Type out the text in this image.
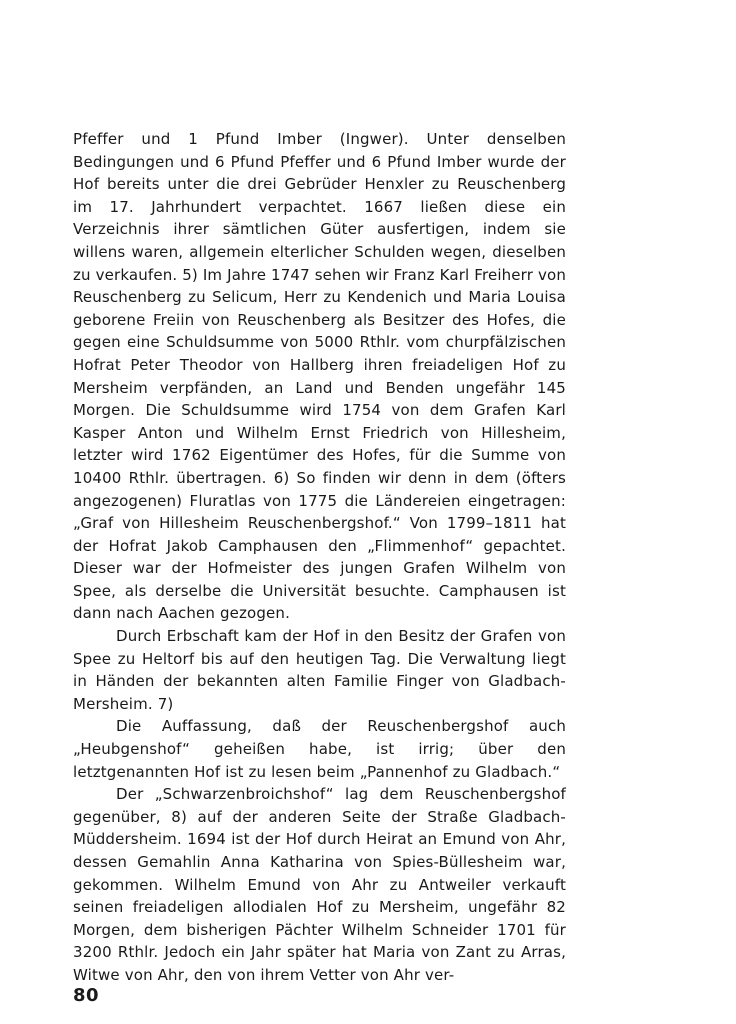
Pfeffer und 1 Pfund Imber (Ingwer). Unter denselben Bedingungen und 6 Pfund Pfeffer und 6 Pfund Imber wurde der Hof bereits unter die drei Gebrüder Henxler zu Reuschenberg im 17. Jahrhundert verpachtet. 1667 ließen diese ein Verzeichnis ihrer sämtlichen Güter ausfertigen, indem sie willens waren, allgemein elterlicher Schulden wegen, dieselben zu verkaufen. 5) Im Jahre 1747 sehen wir Franz Karl Freiherr von Reuschenberg zu Selicum, Herr zu Kendenich und Maria Louisa geborene Freiin von Reuschenberg als Besitzer des Hofes, die gegen eine Schuldsumme von 5000 Rthlr. vom churpfälzischen Hofrat Peter Theodor von Hallberg ihren freiadeligen Hof zu Mersheim verpfänden, an Land und Benden ungefähr 145 Morgen. Die Schuldsumme wird 1754 von dem Grafen Karl Kasper Anton und Wilhelm Ernst Friedrich von Hillesheim, letzter wird 1762 Eigentümer des Hofes, für die Summe von 10400 Rthlr. übertragen. 6) So finden wir denn in dem (öfters angezogenen) Fluratlas von 1775 die Ländereien eingetragen: „Graf von Hillesheim Reuschenbergshof.“ Von 1799–1811 hat der Hofrat Jakob Camphausen den „Flimmenhof“ gepachtet. Dieser war der Hofmeister des jungen Grafen Wilhelm von Spee, als derselbe die Universität besuchte. Camphausen ist dann nach Aachen gezogen.

Durch Erbschaft kam der Hof in den Besitz der Grafen von Spee zu Heltorf bis auf den heutigen Tag. Die Verwaltung liegt in Händen der bekannten alten Familie Finger von Gladbach-Mersheim. 7)

Die Auffassung, daß der Reuschenbergshof auch „Heubgenshof“ geheißen habe, ist irrig; über den letztgenannten Hof ist zu lesen beim „Pannenhof zu Gladbach.“

Der „Schwarzenbroichshof“ lag dem Reuschenbergshof gegenüber, 8) auf der anderen Seite der Straße Gladbach-Müddersheim. 1694 ist der Hof durch Heirat an Emund von Ahr, dessen Gemahlin Anna Katharina von Spies-Büllesheim war, gekommen. Wilhelm Emund von Ahr zu Antweiler verkauft seinen freiadeligen allodialen Hof zu Mersheim, ungefähr 82 Morgen, dem bisherigen Pächter Wilhelm Schneider 1701 für 3200 Rthlr. Jedoch ein Jahr später hat Maria von Zant zu Arras, Witwe von Ahr, den von ihrem Vetter von Ahr ver-

80
